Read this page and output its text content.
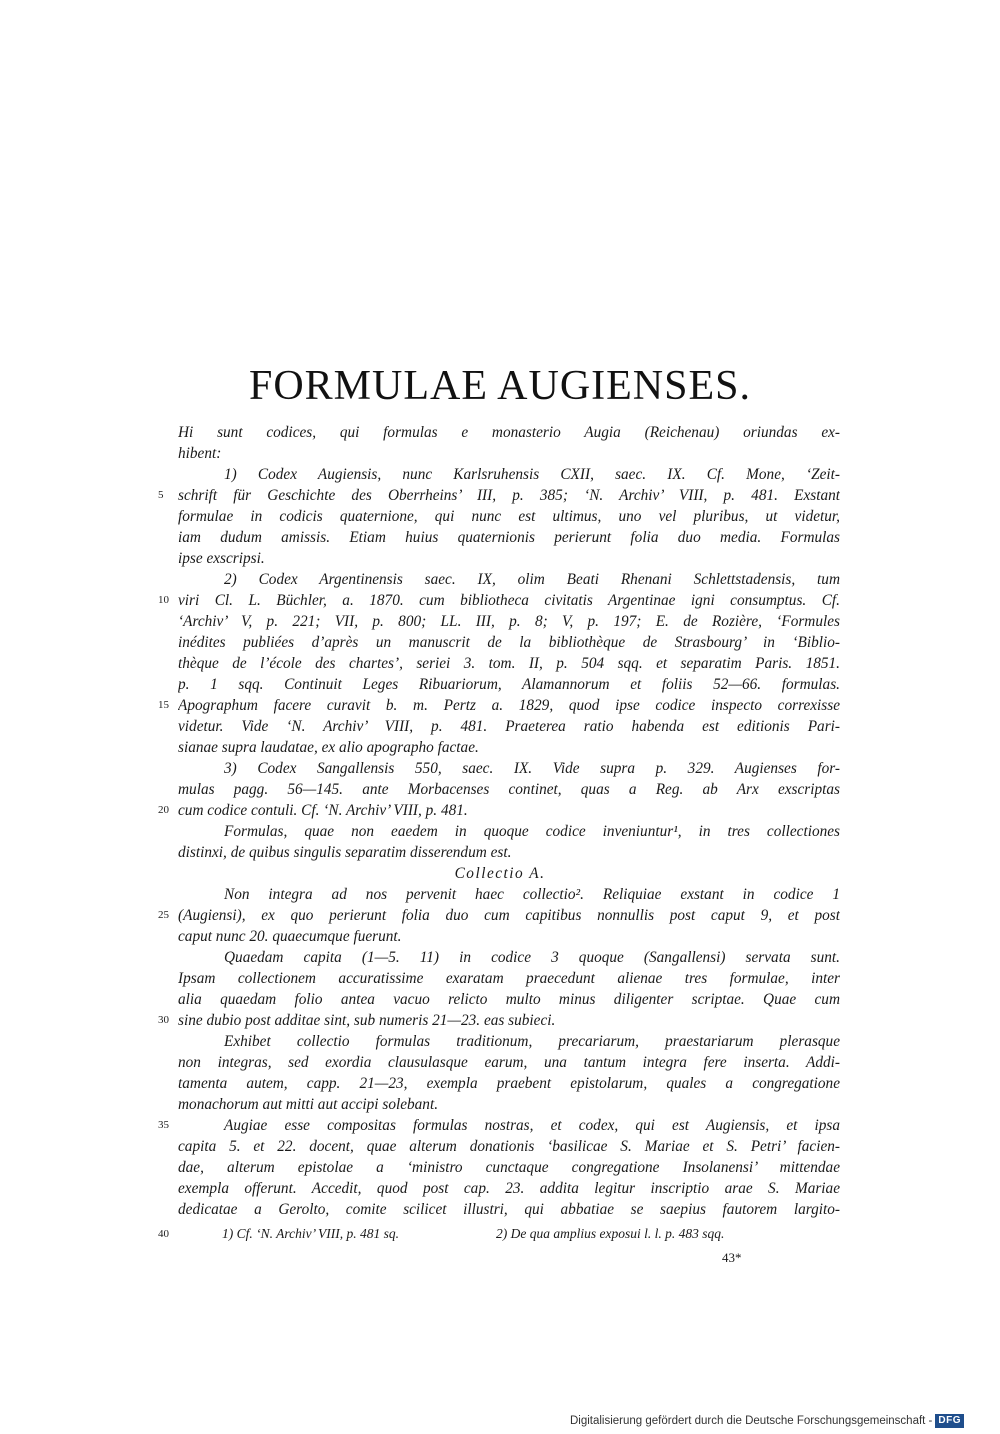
FORMULAE AUGIENSES.
Hi sunt codices, qui formulas e monasterio Augia (Reichenau) oriundas ex-
hibent:
1) Codex Augiensis, nunc Karlsruhensis CXII, saec. IX. Cf. Mone, ‘Zeit-
schrift für Geschichte des Oberrheins’ III, p. 385; ‘N. Archiv’ VIII, p. 481. Exstant
formulae in codicis quaternione, qui nunc est ultimus, uno vel pluribus, ut videtur,
iam dudum amissis. Etiam huius quaternionis perierunt folia duo media. Formulas
ipse exscripsi.
2) Codex Argentinensis saec. IX, olim Beati Rhenani Schlettstadensis, tum
viri Cl. L. Büchler, a. 1870. cum bibliotheca civitatis Argentinae igni consumptus. Cf.
‘Archiv’ V, p. 221; VII, p. 800; LL. III, p. 8; V, p. 197; E. de Rozière, ‘Formules
inédites publiées d’après un manuscrit de la bibliothèque de Strasbourg’ in ‘Biblio-
thèque de l’école des chartes’, seriei 3. tom. II, p. 504 sqq. et separatim Paris. 1851.
p. 1 sqq. Continuit Leges Ribuariorum, Alamannorum et foliis 52—66. formulas.
Apographum facere curavit b. m. Pertz a. 1829, quod ipse codice inspecto correxisse
videtur. Vide ‘N. Archiv’ VIII, p. 481. Praeterea ratio habenda est editionis Pari-
sianae supra laudatae, ex alio apographo factae.
3) Codex Sangallensis 550, saec. IX. Vide supra p. 329. Augienses for-
mulas pagg. 56—145. ante Morbacenses continet, quas a Reg. ab Arx exscriptas
cum codice contuli. Cf. ‘N. Archiv’ VIII, p. 481.
Formulas, quae non eaedem in quoque codice inveniuntur¹, in tres collectiones
distinxi, de quibus singulis separatim disserendum est.
Collectio A.
Non integra ad nos pervenit haec collectio². Reliquiae exstant in codice 1
(Augiensi), ex quo perierunt folia duo cum capitibus nonnullis post caput 9, et post
caput nunc 20. quaecumque fuerunt.
Quaedam capita (1—5. 11) in codice 3 quoque (Sangallensi) servata sunt.
Ipsam collectionem accuratissime exaratam praecedunt alienae tres formulae, inter
alia quaedam folio antea vacuo relicto multo minus diligenter scriptae. Quae cum
sine dubio post additae sint, sub numeris 21—23. eas subieci.
Exhibet collectio formulas traditionum, precariarum, praestariarum plerasque
non integras, sed exordia clausulasque earum, una tantum integra fere inserta. Addi-
tamenta autem, capp. 21—23, exempla praebent epistolarum, quales a congregatione
monachorum aut mitti aut accipi solebant.
Augiae esse compositas formulas nostras, et codex, qui est Augiensis, et ipsa
capita 5. et 22. docent, quae alterum donationis ‘basilicae S. Mariae et S. Petri’ facien-
dae, alterum epistolae a ‘ministro cunctaque congregatione Insolanensi’ mittendae
exempla offerunt. Accedit, quod post cap. 23. addita legitur inscriptio arae S. Mariae
dedicatae a Geroltο, comite scilicet illustri, qui abbatiae se saepius fautorem largito-
5
10
15
20
25
30
35
40	1) Cf. ‘N. Archiv’ VIII, p. 481 sq.	2) De qua amplius exposui l. l. p. 483 sqq.
43*
Digitalisierung gefördert durch die Deutsche Forschungsgemeinschaft - DFG
